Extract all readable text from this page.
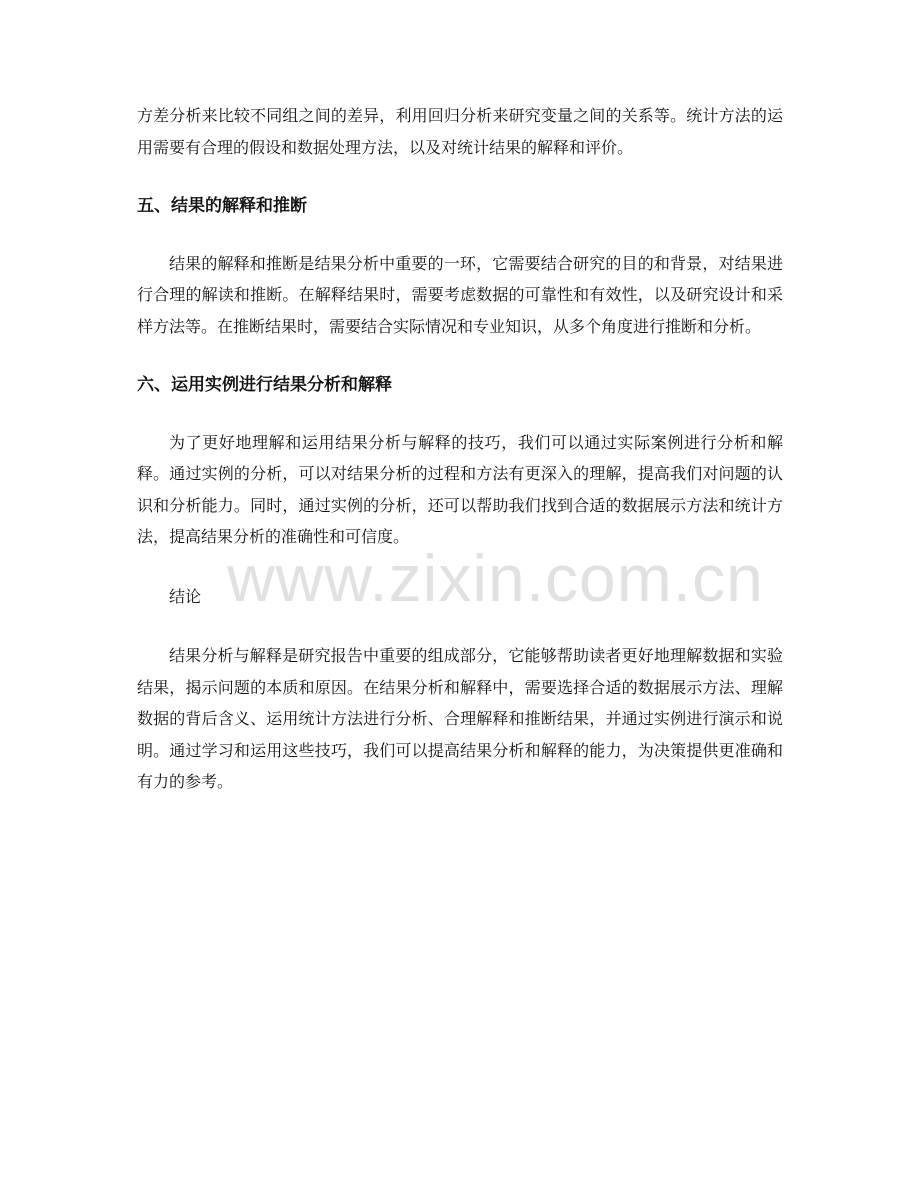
方差分析来比较不同组之间的差异，利用回归分析来研究变量之间的关系等。统计方法的运用需要有合理的假设和数据处理方法，以及对统计结果的解释和评价。

五、结果的解释和推断

结果的解释和推断是结果分析中重要的一环，它需要结合研究的目的和背景，对结果进行合理的解读和推断。在解释结果时，需要考虑数据的可靠性和有效性，以及研究设计和采样方法等。在推断结果时，需要结合实际情况和专业知识，从多个角度进行推断和分析。

六、运用实例进行结果分析和解释

为了更好地理解和运用结果分析与解释的技巧，我们可以通过实际案例进行分析和解释。通过实例的分析，可以对结果分析的过程和方法有更深入的理解，提高我们对问题的认识和分析能力。同时，通过实例的分析，还可以帮助我们找到合适的数据展示方法和统计方法，提高结果分析的准确性和可信度。

结论

结果分析与解释是研究报告中重要的组成部分，它能够帮助读者更好地理解数据和实验结果，揭示问题的本质和原因。在结果分析和解释中，需要选择合适的数据展示方法、理解数据的背后含义、运用统计方法进行分析、合理解释和推断结果，并通过实例进行演示和说明。通过学习和运用这些技巧，我们可以提高结果分析和解释的能力，为决策提供更准确和有力的参考。

www.zixin.com.cn
